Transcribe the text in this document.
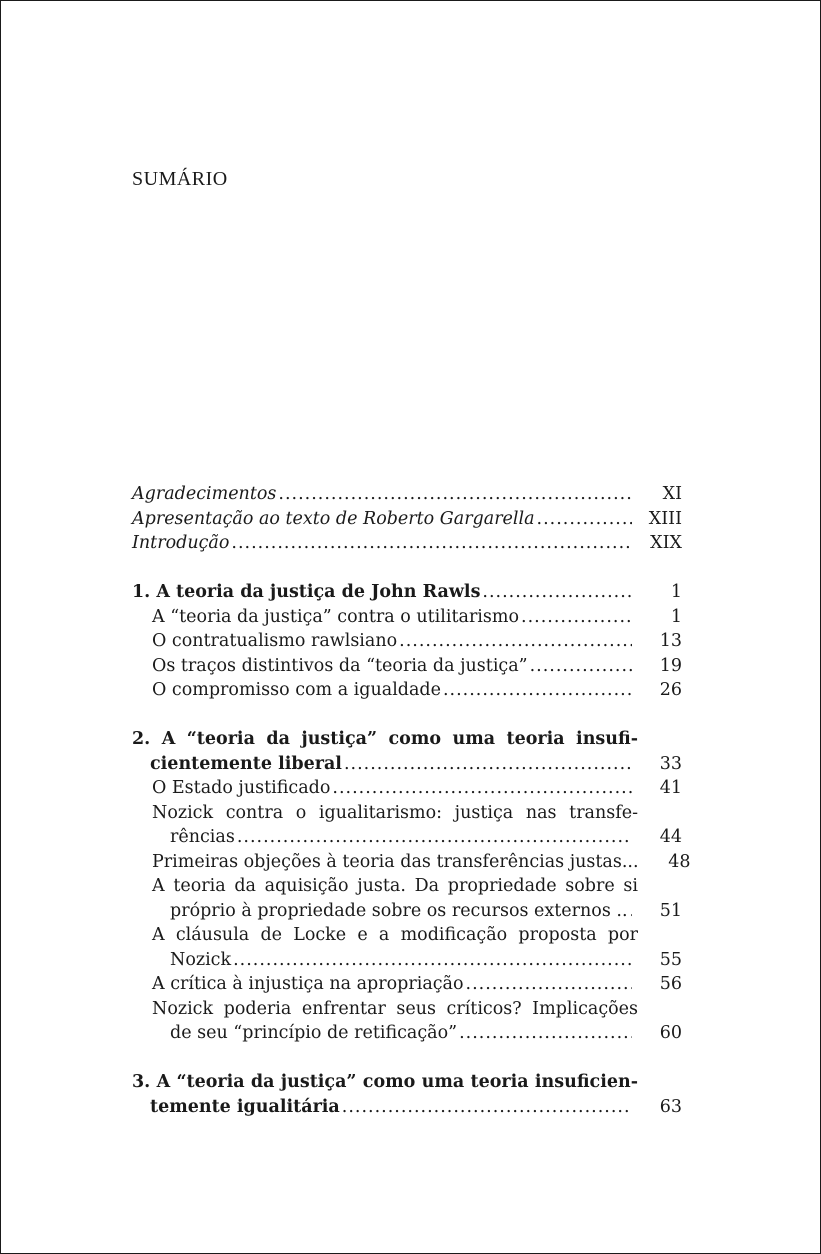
SUMÁRIO
Agradecimentos .....	XI
Apresentação ao texto de Roberto Gargarella .....	XIII
Introdução .....	XIX
1. A teoria da justiça de John Rawls .....	1
A “teoria da justiça” contra o utilitarismo .....	1
O contratualismo rawlsiano .....	13
Os traços distintivos da “teoria da justiça” .....	19
O compromisso com a igualdade .....	26
2. A “teoria da justiça” como uma teoria insufi-
cientemente liberal .....	33
O Estado justificado .....	41
Nozick contra o igualitarismo: justiça nas transfe-
rências .....	44
Primeiras objeções à teoria das transferências justas...	48
A teoria da aquisição justa. Da propriedade sobre si
próprio à propriedade sobre os recursos externos .. .....	51
A cláusula de Locke e a modificação proposta por
Nozick .....	55
A crítica à injustiça na apropriação .....	56
Nozick poderia enfrentar seus críticos? Implicações
de seu “princípio de retificação” .....	60
3. A “teoria da justiça” como uma teoria insuficien-
temente igualitária .....	63
